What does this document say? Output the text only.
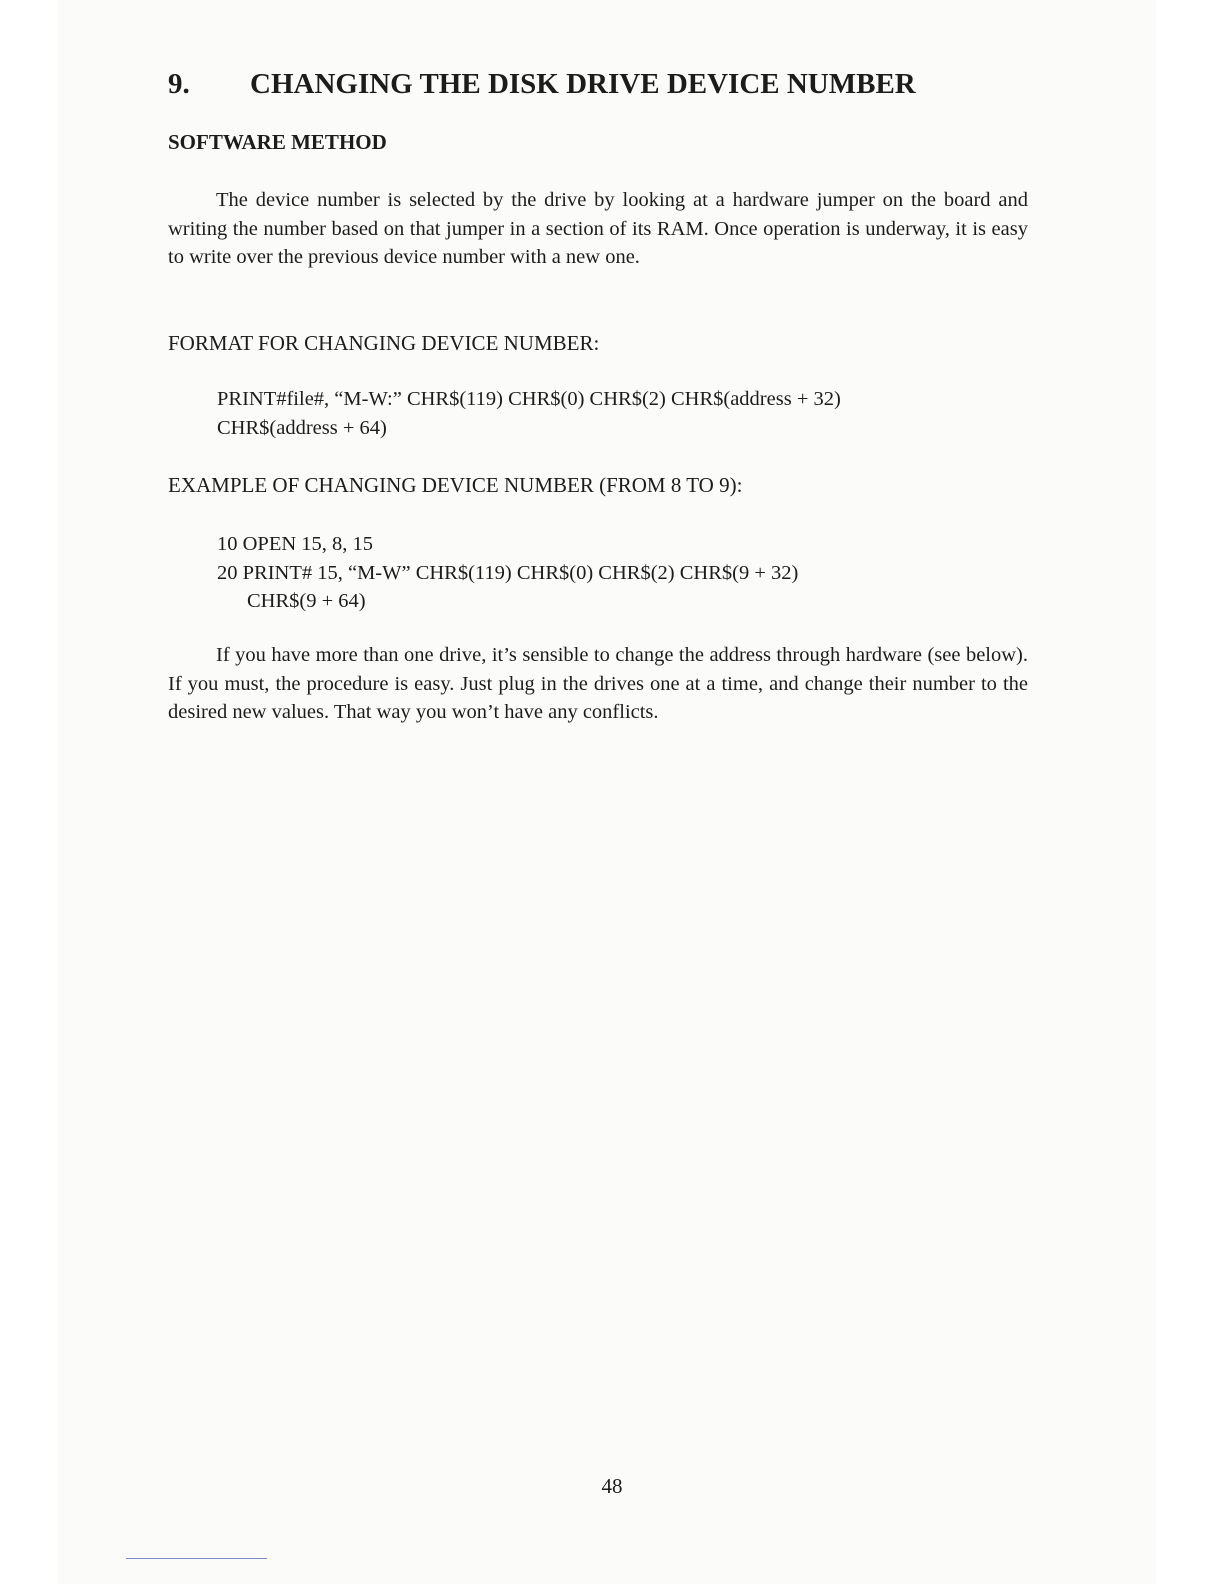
9. CHANGING THE DISK DRIVE DEVICE NUMBER
SOFTWARE METHOD

The device number is selected by the drive by looking at a hardware jumper on the board and writing the number based on that jumper in a section of its RAM. Once operation is underway, it is easy to write over the previous device number with a new one.

FORMAT FOR CHANGING DEVICE NUMBER:
PRINT#file#, “M-W:” CHR$(119) CHR$(0) CHR$(2) CHR$(address + 32)
CHR$(address + 64)
EXAMPLE OF CHANGING DEVICE NUMBER (FROM 8 TO 9):
10 OPEN 15, 8, 15
20 PRINT# 15, “M-W” CHR$(119) CHR$(0) CHR$(2) CHR$(9 + 32)
CHR$(9 + 64)

If you have more than one drive, it’s sensible to change the address through hardware (see below). If you must, the procedure is easy. Just plug in the drives one at a time, and change their number to the desired new values. That way you won’t have any conflicts.

48
